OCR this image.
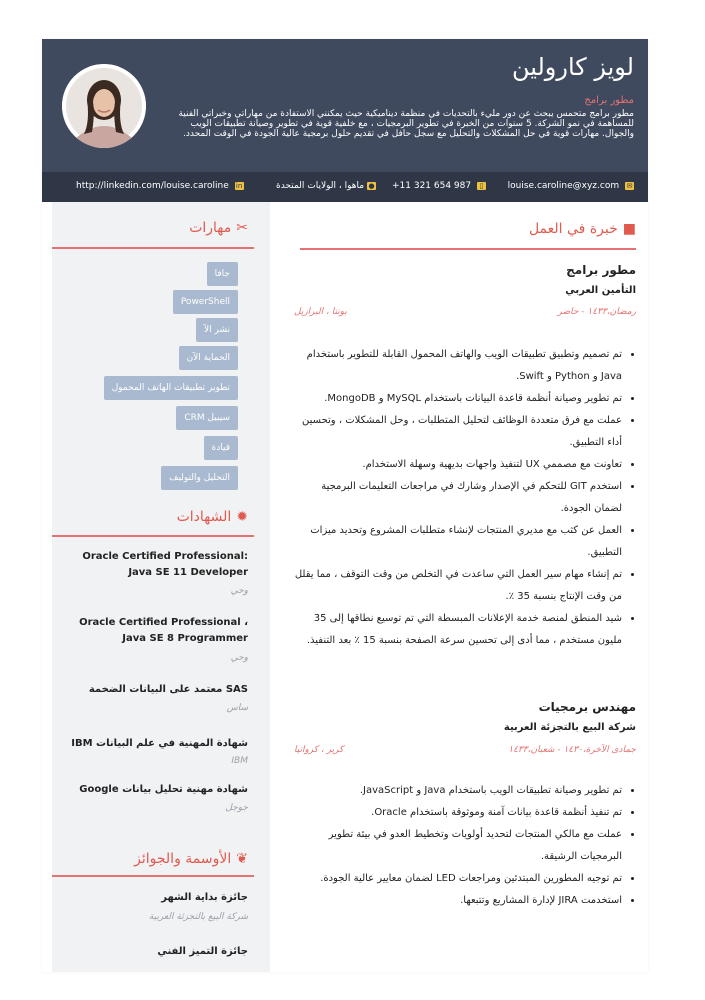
لويز كارولين
مطور برامج
مطور برامج متحمس يبحث عن دور مليء بالتحديات في منظمة ديناميكية حيث يمكنني الاستفادة من مهاراتي وخبراتي الفنية للمساهمة في نمو الشركة. 5 سنوات من الخبرة في تطوير البرمجيات ، مع خلفية قوية في تطوير وصيانة تطبيقات الويب والجوال. مهارات قوية في حل المشكلات والتحليل مع سجل حافل في تقديم حلول برمجية عالية الجودة في الوقت المحدد.
louise.caroline@xyz.com ✉
+11 321 654 987 ▯
● ماهوا ، الولايات المتحدة
http://linkedin.com/louise.caroline in
■خبرة في العمل
مطور برامج
التأمين العربي
رمضان،١٤٣٣ - حاضر
بونتا ، البرازيل
• تم تصميم وتطبيق تطبيقات الويب والهاتف المحمول القابلة للتطوير باستخدام Java و Python و Swift.
• تم تطوير وصيانة أنظمة قاعدة البيانات باستخدام MySQL و MongoDB.
• عملت مع فرق متعددة الوظائف لتحليل المتطلبات ، وحل المشكلات ، وتحسين أداء التطبيق.
• تعاونت مع مصممي UX لتنفيذ واجهات بديهية وسهلة الاستخدام.
• استخدم GIT للتحكم في الإصدار وشارك في مراجعات التعليمات البرمجية لضمان الجودة.
• العمل عن كثب مع مديري المنتجات لإنشاء متطلبات المشروع وتحديد ميزات التطبيق.
• تم إنشاء مهام سير العمل التي ساعدت في التخلص من وقت التوقف ، مما يقلل من وقت الإنتاج بنسبة 35 ٪.
• شيد المنطق لمنصة خدمة الإعلانات المبسطة التي تم توسيع نطاقها إلى 35 مليون مستخدم ، مما أدى إلى تحسين سرعة الصفحة بنسبة 15 ٪ بعد التنفيذ.
مهندس برمجيات
شركة البيع بالتجزئة العربية
جمادى الآخرة،١٤٣٠ - شعبان،١٤٣٣
كرير ، كرواتيا
• تم تطوير وصيانة تطبيقات الويب باستخدام Java و JavaScript.
• تم تنفيذ أنظمة قاعدة بيانات آمنة وموثوقة باستخدام Oracle.
• عملت مع مالكي المنتجات لتحديد أولويات وتخطيط العدو في بيئة تطوير البرمجيات الرشيقة.
• تم توجيه المطورين المبتدئين ومراجعات LED لضمان معايير عالية الجودة.
• استخدمت JIRA لإدارة المشاريع وتتبعها.
✂مهارات
جافا
PowerShell
نشر الآ
الحماية الآن
تطوير تطبيقات الهاتف المحمول
سيبيل CRM
قيادة
التحليل والتوليف
✹الشهادات
Oracle Certified Professional: Java SE 11 Developer
وحي
Oracle Certified Professional ، Java SE 8 Programmer
وحي
SAS معتمد على البيانات الضخمة
ساس
شهادة المهنية في علم البيانات IBM
IBM
شهادة مهنية تحليل بيانات Google
جوجل
❦الأوسمة والجوائز
جائزة بداية الشهر
شركة البيع بالتجزئة العربية
جائزة التميز الفني
